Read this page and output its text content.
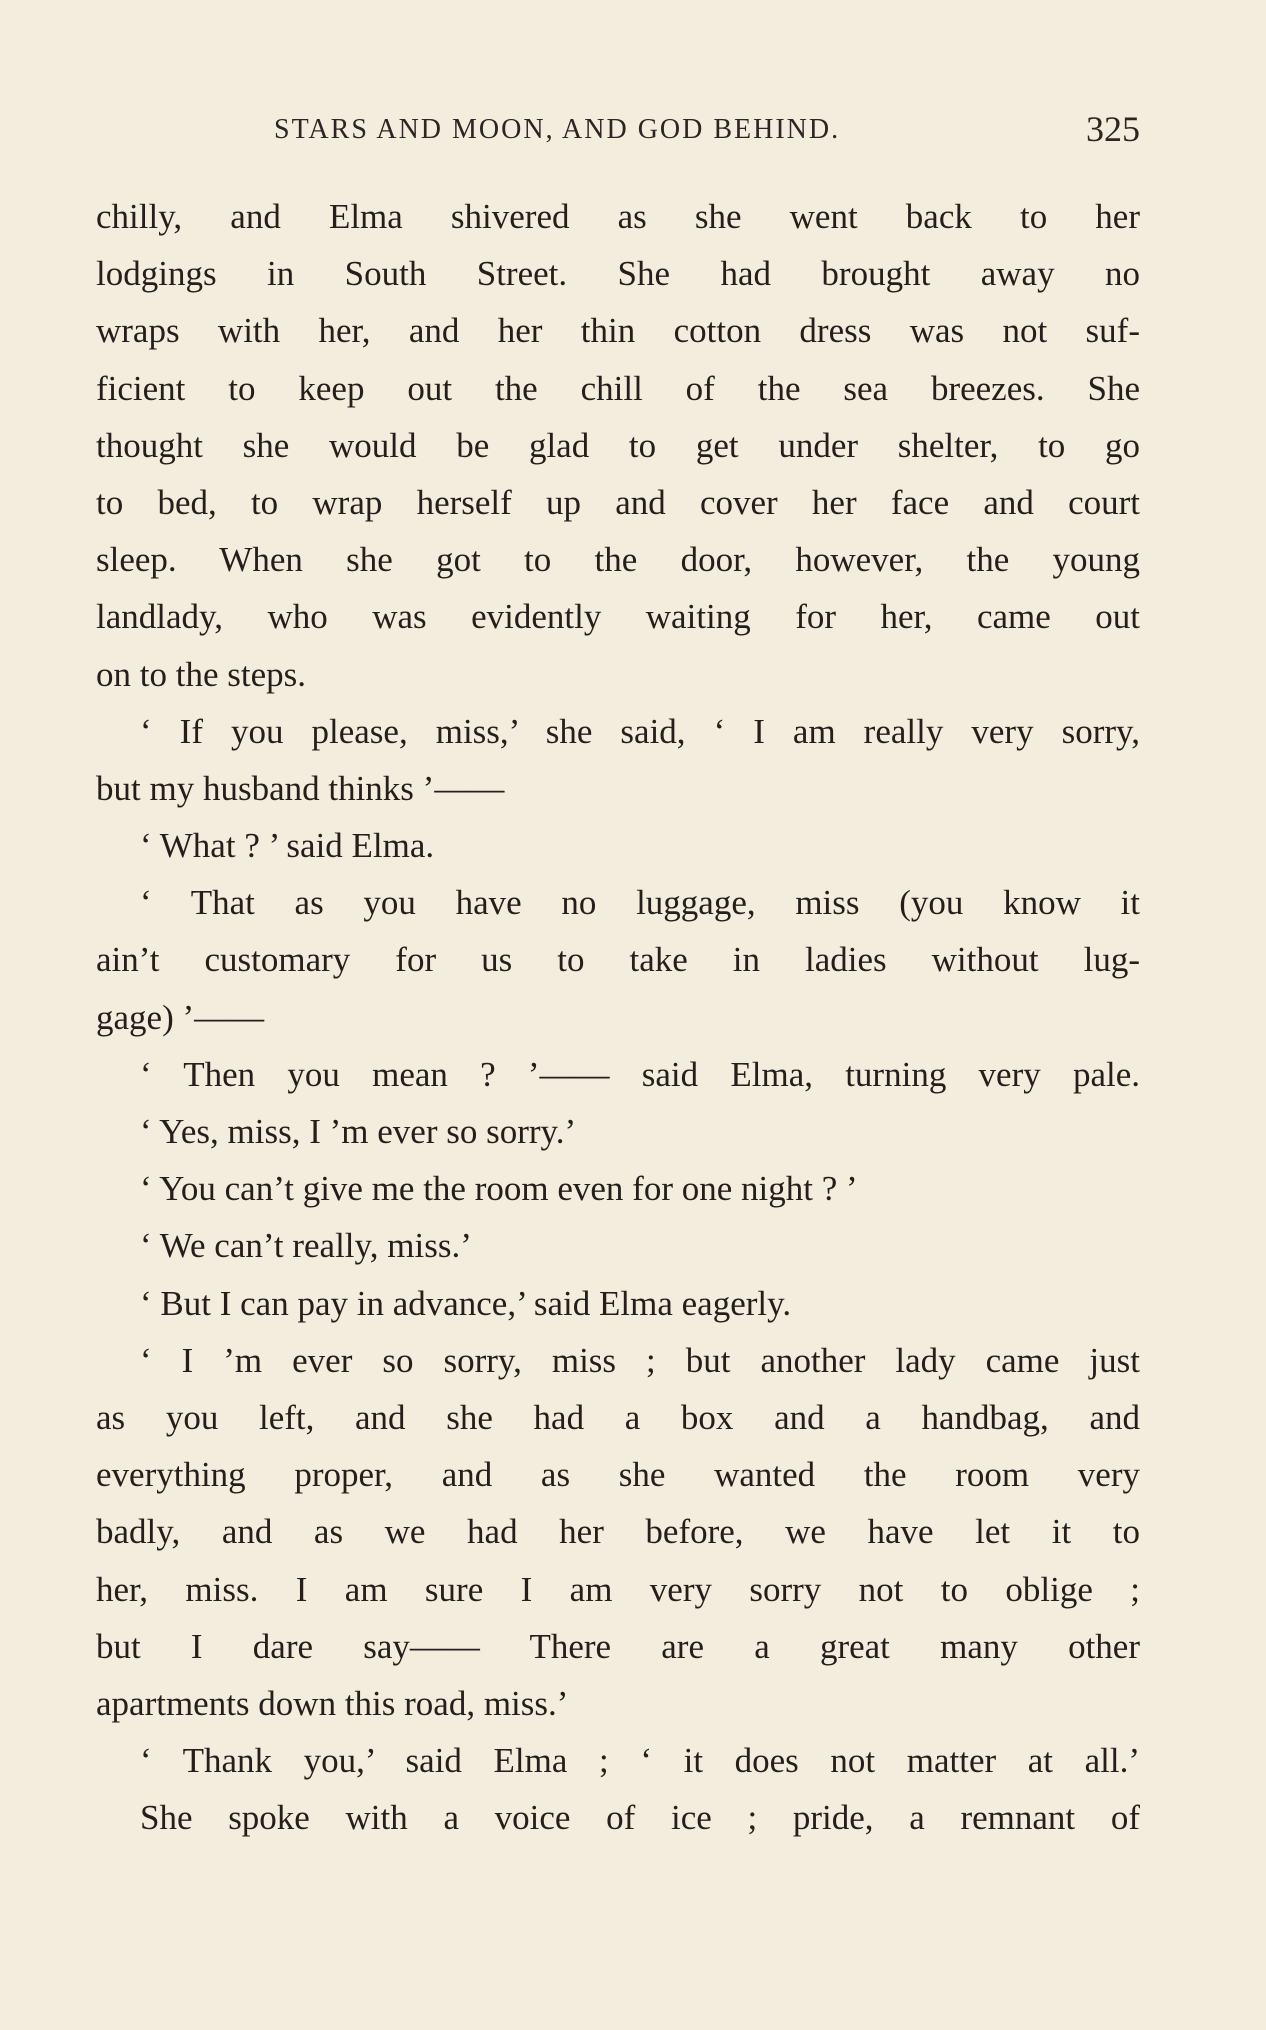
STARS AND MOON, AND GOD BEHIND.	325
chilly, and Elma shivered as she went back to her
lodgings in South Street. She had brought away no
wraps with her, and her thin cotton dress was not suf-
ficient to keep out the chill of the sea breezes. She
thought she would be glad to get under shelter, to go
to bed, to wrap herself up and cover her face and court
sleep. When she got to the door, however, the young
landlady, who was evidently waiting for her, came out
on to the steps.
‘ If you please, miss,’ she said, ‘ I am really very sorry,
but my husband thinks ’——
‘ What ? ’ said Elma.
‘ That as you have no luggage, miss (you know it
ain’t customary for us to take in ladies without lug-
gage) ’——
‘ Then you mean ? ’—— said Elma, turning very pale.
‘ Yes, miss, I ’m ever so sorry.’
‘ You can’t give me the room even for one night ? ’
‘ We can’t really, miss.’
‘ But I can pay in advance,’ said Elma eagerly.
‘ I ’m ever so sorry, miss ; but another lady came just
as you left, and she had a box and a handbag, and
everything proper, and as she wanted the room very
badly, and as we had her before, we have let it to
her, miss. I am sure I am very sorry not to oblige ;
but I dare say—— There are a great many other
apartments down this road, miss.’
‘ Thank you,’ said Elma ; ‘ it does not matter at all.’
She spoke with a voice of ice ; pride, a remnant of
